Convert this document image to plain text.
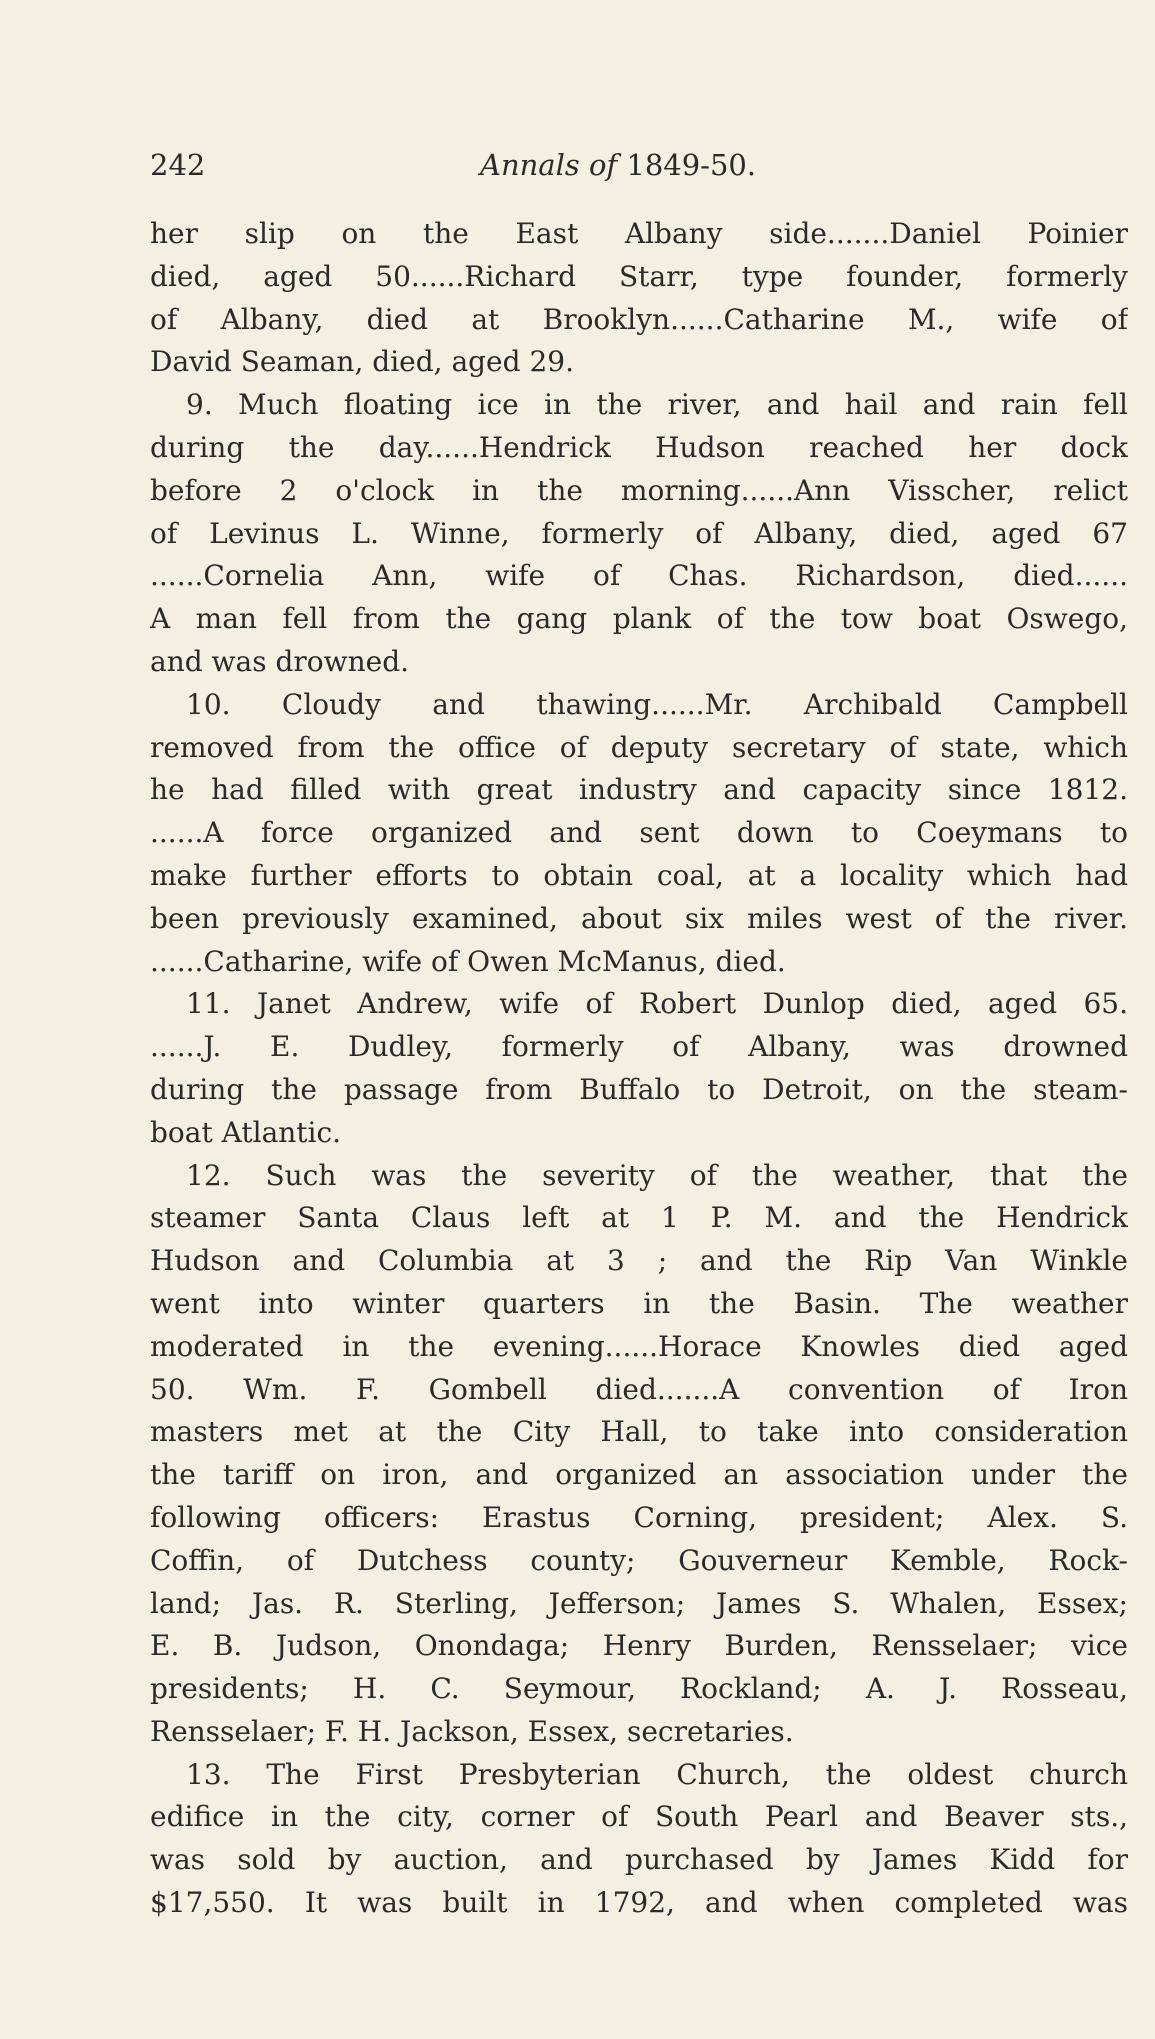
242	Annals of 1849-50.
her slip on the East Albany side.......Daniel Poinier
died, aged 50......Richard Starr, type founder, formerly
of Albany, died at Brooklyn......Catharine M., wife of
David Seaman, died, aged 29.
9. Much floating ice in the river, and hail and rain fell
during the day......Hendrick Hudson reached her dock
before 2 o'clock in the morning......Ann Visscher, relict
of Levinus L. Winne, formerly of Albany, died, aged 67
......Cornelia Ann, wife of Chas. Richardson, died......
A man fell from the gang plank of the tow boat Oswego,
and was drowned.
10. Cloudy and thawing......Mr. Archibald Campbell
removed from the office of deputy secretary of state, which
he had filled with great industry and capacity since 1812.
......A force organized and sent down to Coeymans to
make further efforts to obtain coal, at a locality which had
been previously examined, about six miles west of the river.
......Catharine, wife of Owen McManus, died.
11. Janet Andrew, wife of Robert Dunlop died, aged 65.
......J. E. Dudley, formerly of Albany, was drowned
during the passage from Buffalo to Detroit, on the steam-
boat Atlantic.
12. Such was the severity of the weather, that the
steamer Santa Claus left at 1 P. M. and the Hendrick
Hudson and Columbia at 3 ; and the Rip Van Winkle
went into winter quarters in the Basin. The weather
moderated in the evening......Horace Knowles died aged
50. Wm. F. Gombell died.......A convention of Iron
masters met at the City Hall, to take into consideration
the tariff on iron, and organized an association under the
following officers: Erastus Corning, president; Alex. S.
Coffin, of Dutchess county; Gouverneur Kemble, Rock-
land; Jas. R. Sterling, Jefferson; James S. Whalen, Essex;
E. B. Judson, Onondaga; Henry Burden, Rensselaer; vice
presidents; H. C. Seymour, Rockland; A. J. Rosseau,
Rensselaer; F. H. Jackson, Essex, secretaries.
13. The First Presbyterian Church, the oldest church
edifice in the city, corner of South Pearl and Beaver sts.,
was sold by auction, and purchased by James Kidd for
$17,550. It was built in 1792, and when completed was
